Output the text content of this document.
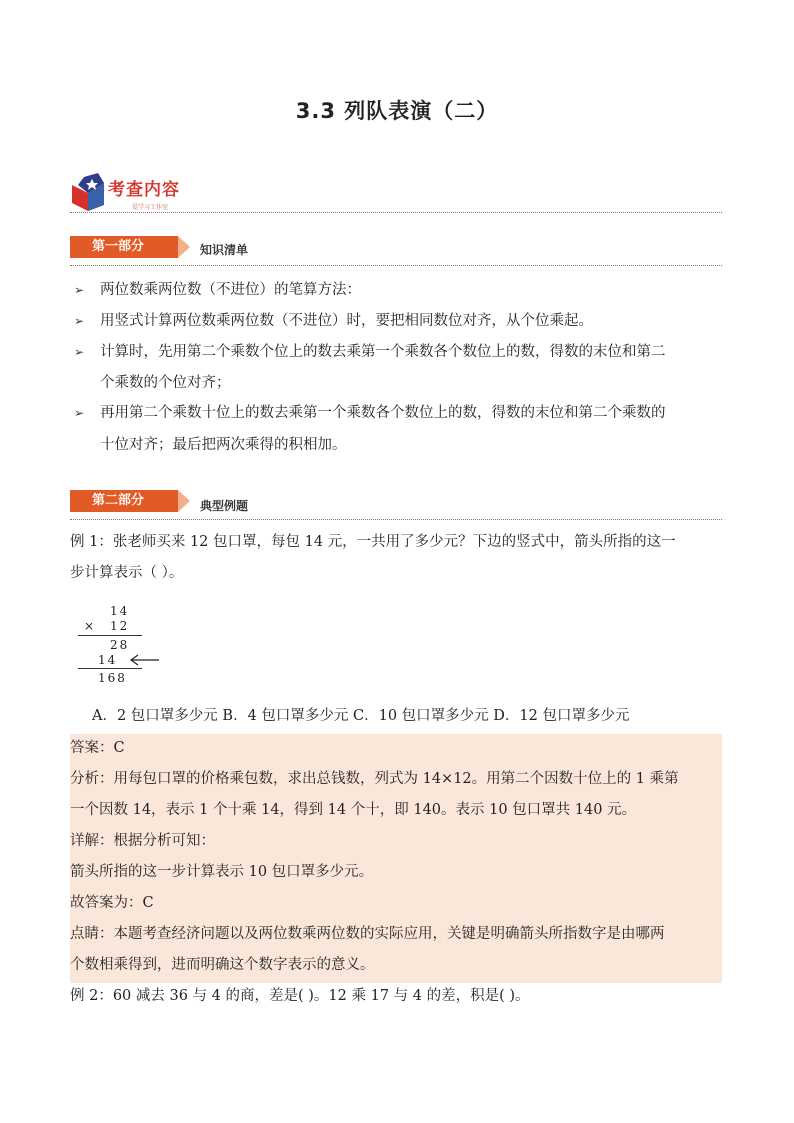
3.3 列队表演（二）
考查内容
爱学习工作室
第一部分	知识清单
➢ 两位数乘两位数（不进位）的笔算方法：
➢ 用竖式计算两位数乘两位数（不进位）时，要把相同数位对齐，从个位乘起。
➢ 计算时，先用第二个乘数个位上的数去乘第一个乘数各个数位上的数，得数的末位和第二
个乘数的个位对齐；
➢ 再用第二个乘数十位上的数去乘第一个乘数各个数位上的数，得数的末位和第二个乘数的
十位对齐；最后把两次乘得的积相加。
第二部分	典型例题
例 1：张老师买来 12 包口罩，每包 14 元，一共用了多少元？下边的竖式中，箭头所指的这一
步计算表示（ ）。
14
× 12
28
14
168
A．2 包口罩多少元 B．4 包口罩多少元 C．10 包口罩多少元 D．12 包口罩多少元
答案：C
分析：用每包口罩的价格乘包数，求出总钱数，列式为 14×12。用第二个因数十位上的 1 乘第
一个因数 14，表示 1 个十乘 14，得到 14 个十，即 140。表示 10 包口罩共 140 元。
详解：根据分析可知：
箭头所指的这一步计算表示 10 包口罩多少元。
故答案为：C
点睛：本题考查经济问题以及两位数乘两位数的实际应用，关键是明确箭头所指数字是由哪两
个数相乘得到，进而明确这个数字表示的意义。
例 2：60 减去 36 与 4 的商，差是( )。12 乘 17 与 4 的差，积是( )。
